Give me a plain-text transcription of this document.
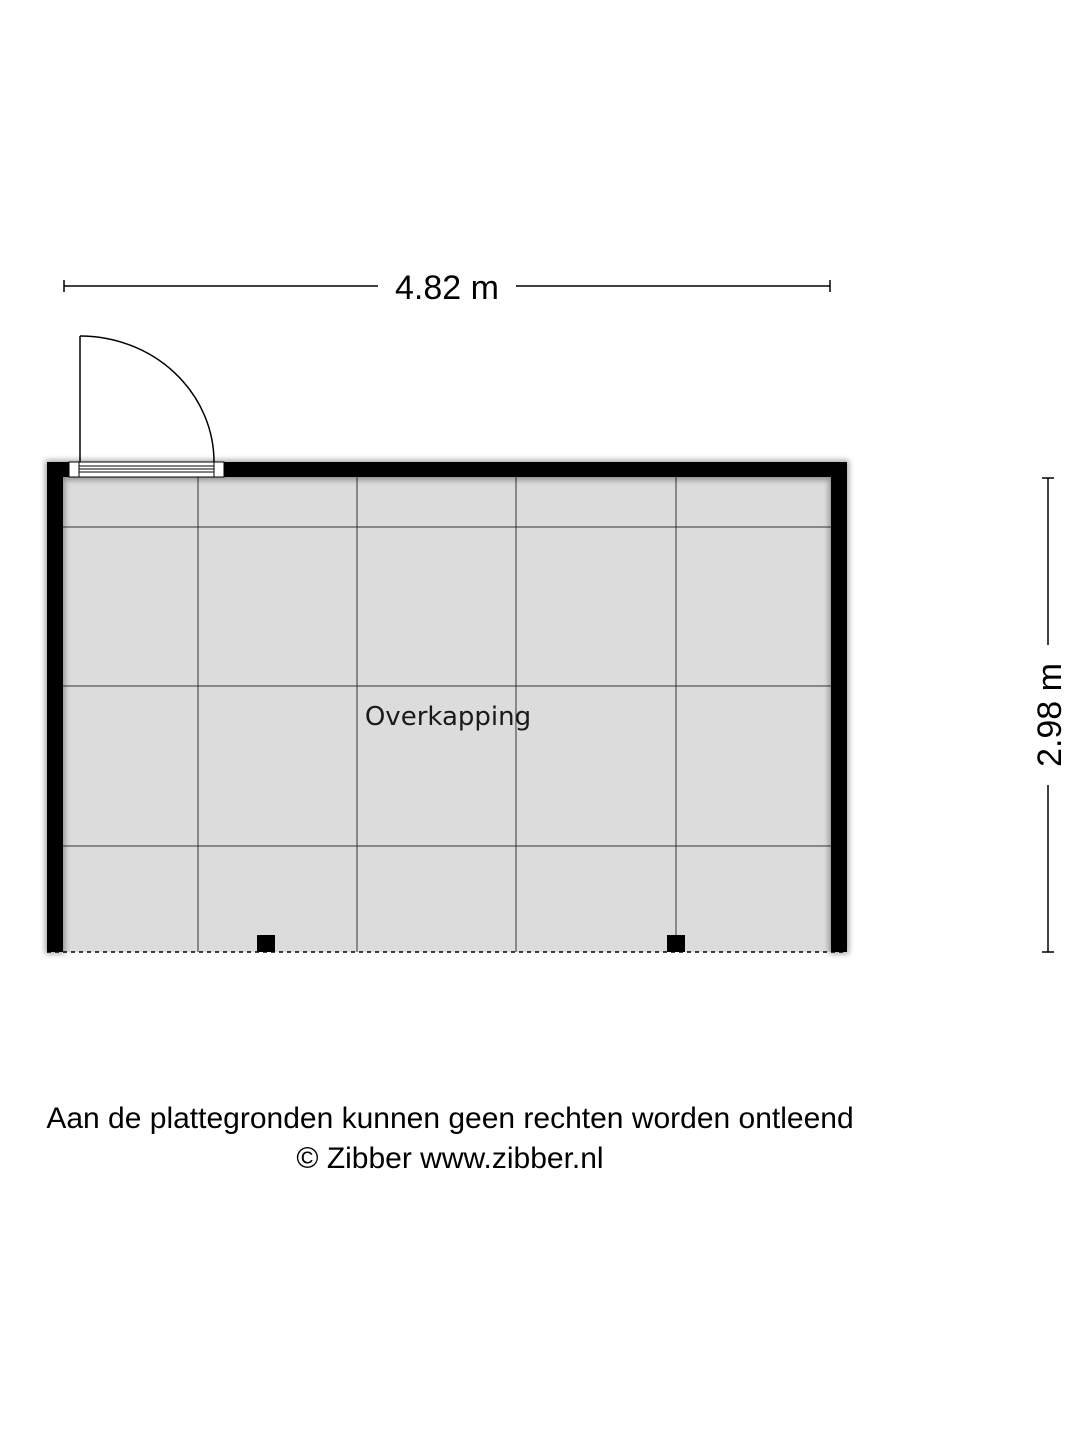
4.82 m
2.98 m
Overkapping
Aan de plattegronden kunnen geen rechten worden ontleend
© Zibber www.zibber.nl
